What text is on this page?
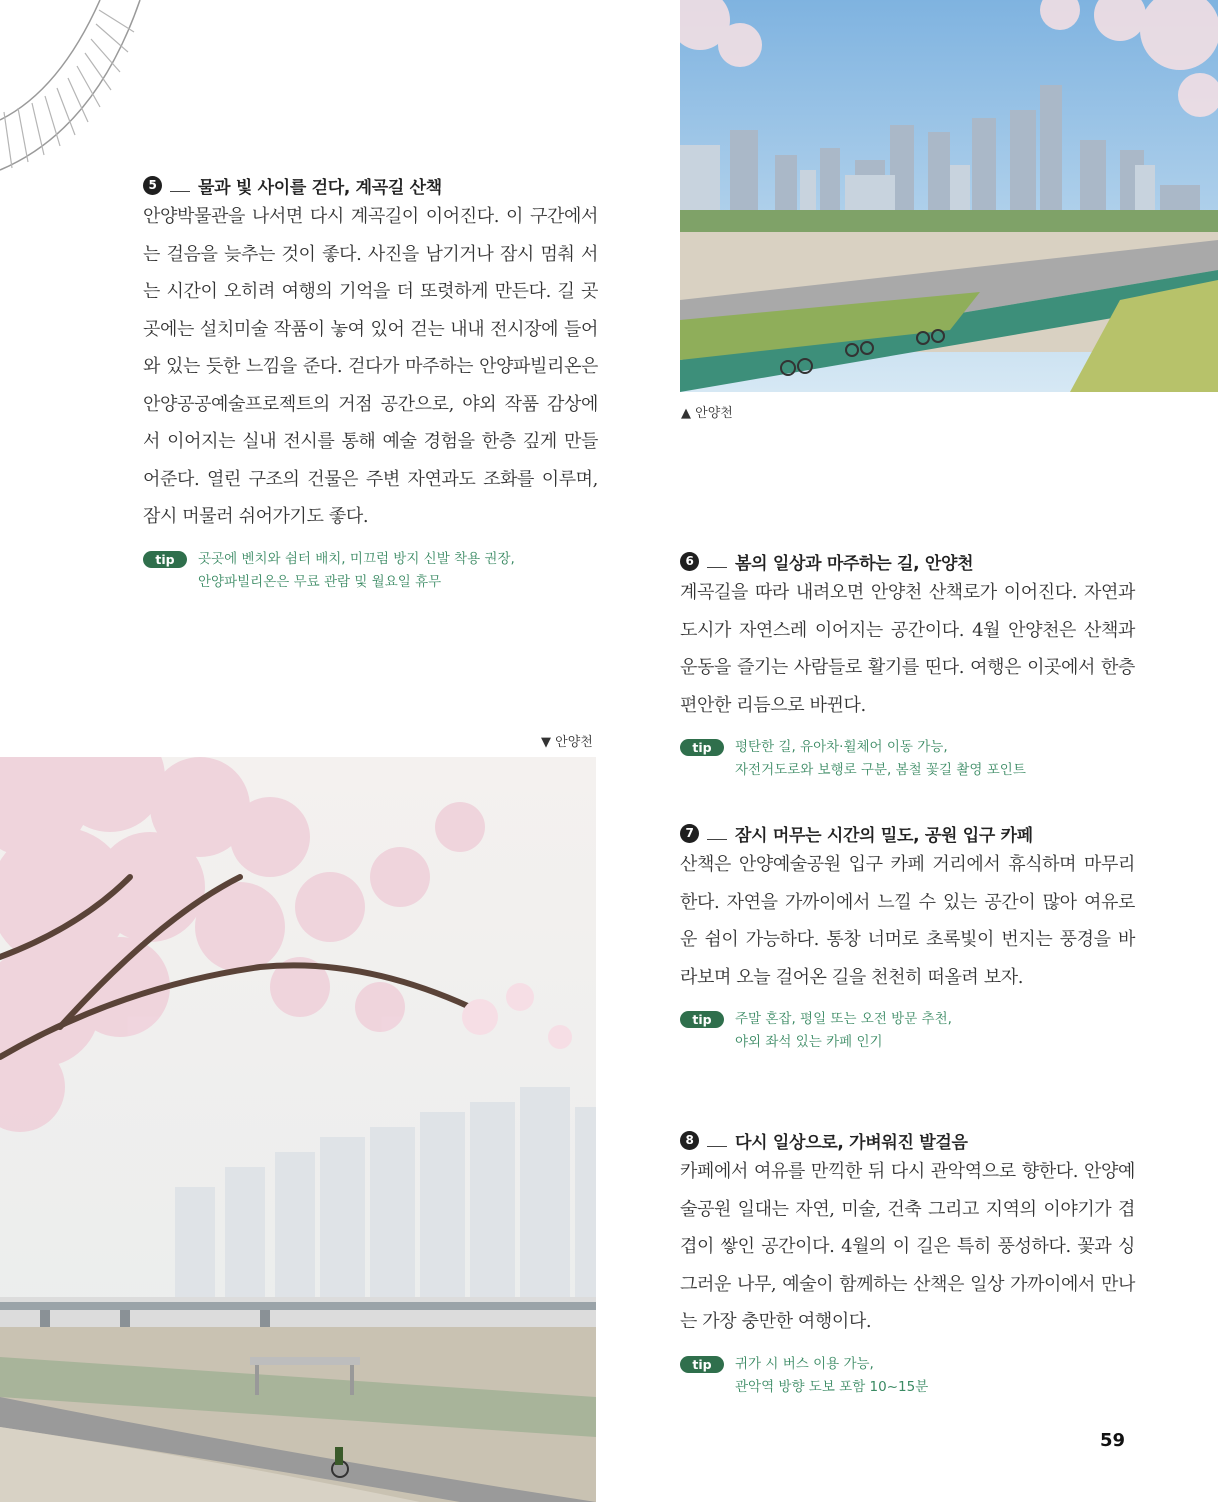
5	물과 빛 사이를 걷다, 계곡길 산책

안양박물관을 나서면 다시 계곡길이 이어진다. 이 구간에서는 걸음을 늦추는 것이 좋다. 사진을 남기거나 잠시 멈춰 서는 시간이 오히려 여행의 기억을 더 또렷하게 만든다. 길 곳곳에는 설치미술 작품이 놓여 있어 걷는 내내 전시장에 들어와 있는 듯한 느낌을 준다. 걷다가 마주하는 안양파빌리온은 안양공공예술프로젝트의 거점 공간으로, 야외 작품 감상에서 이어지는 실내 전시를 통해 예술 경험을 한층 깊게 만들어준다. 열린 구조의 건물은 주변 자연과도 조화를 이루며, 잠시 머물러 쉬어가기도 좋다.

tip	곳곳에 벤치와 쉼터 배치, 미끄럼 방지 신발 착용 권장,
안양파빌리온은 무료 관람 및 월요일 휴무
▲ 안양천
6	봄의 일상과 마주하는 길, 안양천

계곡길을 따라 내려오면 안양천 산책로가 이어진다. 자연과 도시가 자연스레 이어지는 공간이다. 4월 안양천은 산책과 운동을 즐기는 사람들로 활기를 띤다. 여행은 이곳에서 한층 편안한 리듬으로 바뀐다.

tip	평탄한 길, 유아차·휠체어 이동 가능,
자전거도로와 보행로 구분, 봄철 꽃길 촬영 포인트
▼ 안양천
7	잠시 머무는 시간의 밀도, 공원 입구 카페

산책은 안양예술공원 입구 카페 거리에서 휴식하며 마무리한다. 자연을 가까이에서 느낄 수 있는 공간이 많아 여유로운 쉼이 가능하다. 통창 너머로 초록빛이 번지는 풍경을 바라보며 오늘 걸어온 길을 천천히 떠올려 보자.

tip	주말 혼잡, 평일 또는 오전 방문 추천,
야외 좌석 있는 카페 인기
8	다시 일상으로, 가벼워진 발걸음

카페에서 여유를 만끽한 뒤 다시 관악역으로 향한다. 안양예술공원 일대는 자연, 미술, 건축 그리고 지역의 이야기가 겹겹이 쌓인 공간이다. 4월의 이 길은 특히 풍성하다. 꽃과 싱그러운 나무, 예술이 함께하는 산책은 일상 가까이에서 만나는 가장 충만한 여행이다.

tip	귀가 시 버스 이용 가능,
관악역 방향 도보 포함 10~15분
59
